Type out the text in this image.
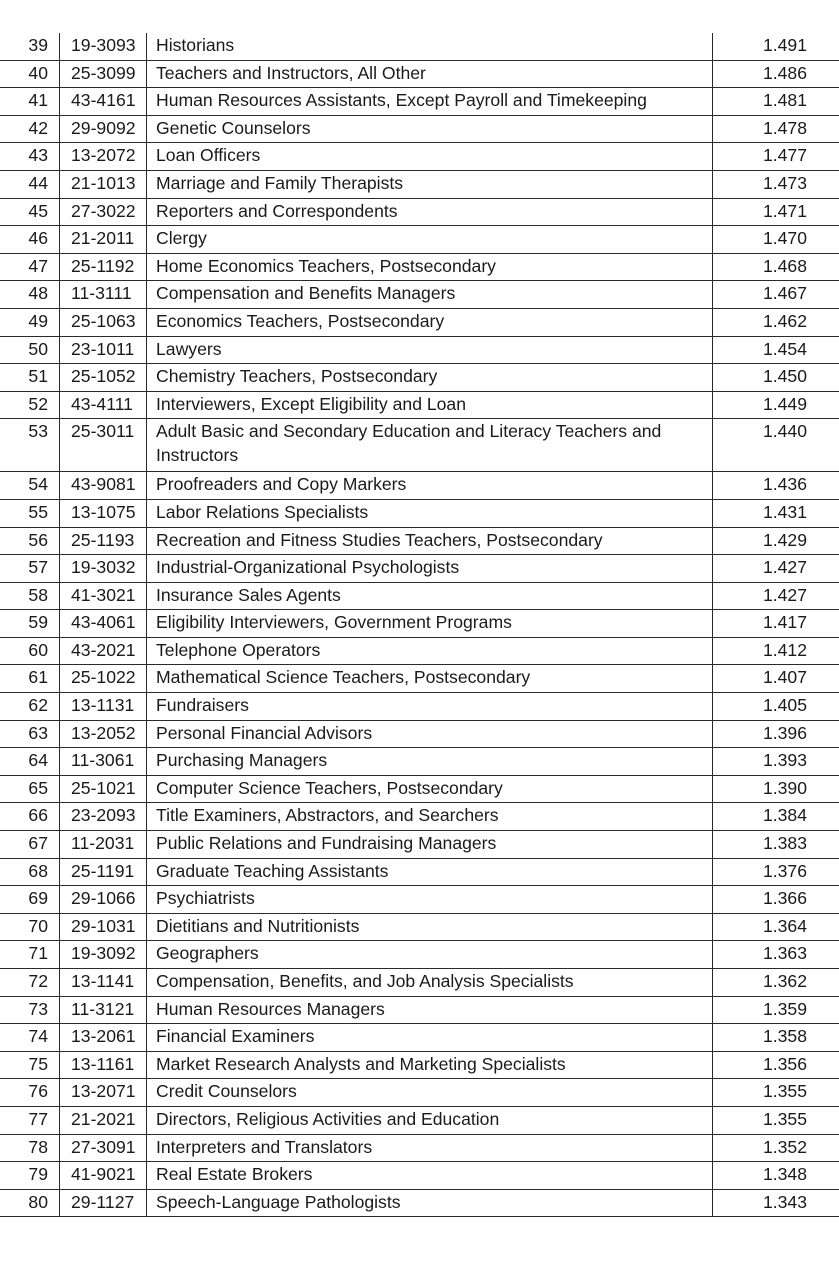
39	19-3093	Historians	1.491
40	25-3099	Teachers and Instructors, All Other	1.486
41	43-4161	Human Resources Assistants, Except Payroll and Timekeeping	1.481
42	29-9092	Genetic Counselors	1.478
43	13-2072	Loan Officers	1.477
44	21-1013	Marriage and Family Therapists	1.473
45	27-3022	Reporters and Correspondents	1.471
46	21-2011	Clergy	1.470
47	25-1192	Home Economics Teachers, Postsecondary	1.468
48	11-3111	Compensation and Benefits Managers	1.467
49	25-1063	Economics Teachers, Postsecondary	1.462
50	23-1011	Lawyers	1.454
51	25-1052	Chemistry Teachers, Postsecondary	1.450
52	43-4111	Interviewers, Except Eligibility and Loan	1.449
53	25-3011	Adult Basic and Secondary Education and Literacy Teachers and Instructors	1.440
54	43-9081	Proofreaders and Copy Markers	1.436
55	13-1075	Labor Relations Specialists	1.431
56	25-1193	Recreation and Fitness Studies Teachers, Postsecondary	1.429
57	19-3032	Industrial-Organizational Psychologists	1.427
58	41-3021	Insurance Sales Agents	1.427
59	43-4061	Eligibility Interviewers, Government Programs	1.417
60	43-2021	Telephone Operators	1.412
61	25-1022	Mathematical Science Teachers, Postsecondary	1.407
62	13-1131	Fundraisers	1.405
63	13-2052	Personal Financial Advisors	1.396
64	11-3061	Purchasing Managers	1.393
65	25-1021	Computer Science Teachers, Postsecondary	1.390
66	23-2093	Title Examiners, Abstractors, and Searchers	1.384
67	11-2031	Public Relations and Fundraising Managers	1.383
68	25-1191	Graduate Teaching Assistants	1.376
69	29-1066	Psychiatrists	1.366
70	29-1031	Dietitians and Nutritionists	1.364
71	19-3092	Geographers	1.363
72	13-1141	Compensation, Benefits, and Job Analysis Specialists	1.362
73	11-3121	Human Resources Managers	1.359
74	13-2061	Financial Examiners	1.358
75	13-1161	Market Research Analysts and Marketing Specialists	1.356
76	13-2071	Credit Counselors	1.355
77	21-2021	Directors, Religious Activities and Education	1.355
78	27-3091	Interpreters and Translators	1.352
79	41-9021	Real Estate Brokers	1.348
80	29-1127	Speech-Language Pathologists	1.343
